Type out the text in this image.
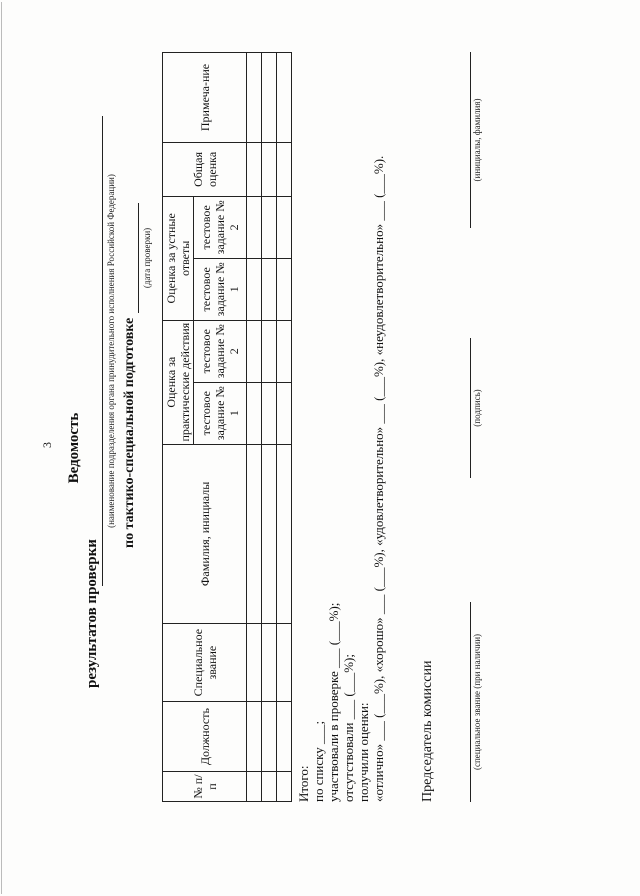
3 Ведомость
результатов проверки
(наименование подразделения органа принудительного исполнения Российской Федерации) по тактико-специальной подготовке
(дата проверки)
№ п/п	Должность	Специальное звание	Фамилия, инициалы	Оценка за практические действия		Оценка за устные ответы		Общая оценка	Примеча-ние
				тестовое задание № 1	тестовое задание № 2	тестовое задание № 1	тестовое задание № 2		

Итого:
по списку ___;
участвовали в проверке ___ (___%);
отсутствовали ___ (___%);
получили оценки:
«отлично» ___ (___%), «хорошо» ___ (___%), «удовлетворительно» ___ (___%), «неудовлетворительно» ___ (___%). Председатель комиссии	(специальное звание (при наличии)
(подпись)
(инициалы, фамилия)
